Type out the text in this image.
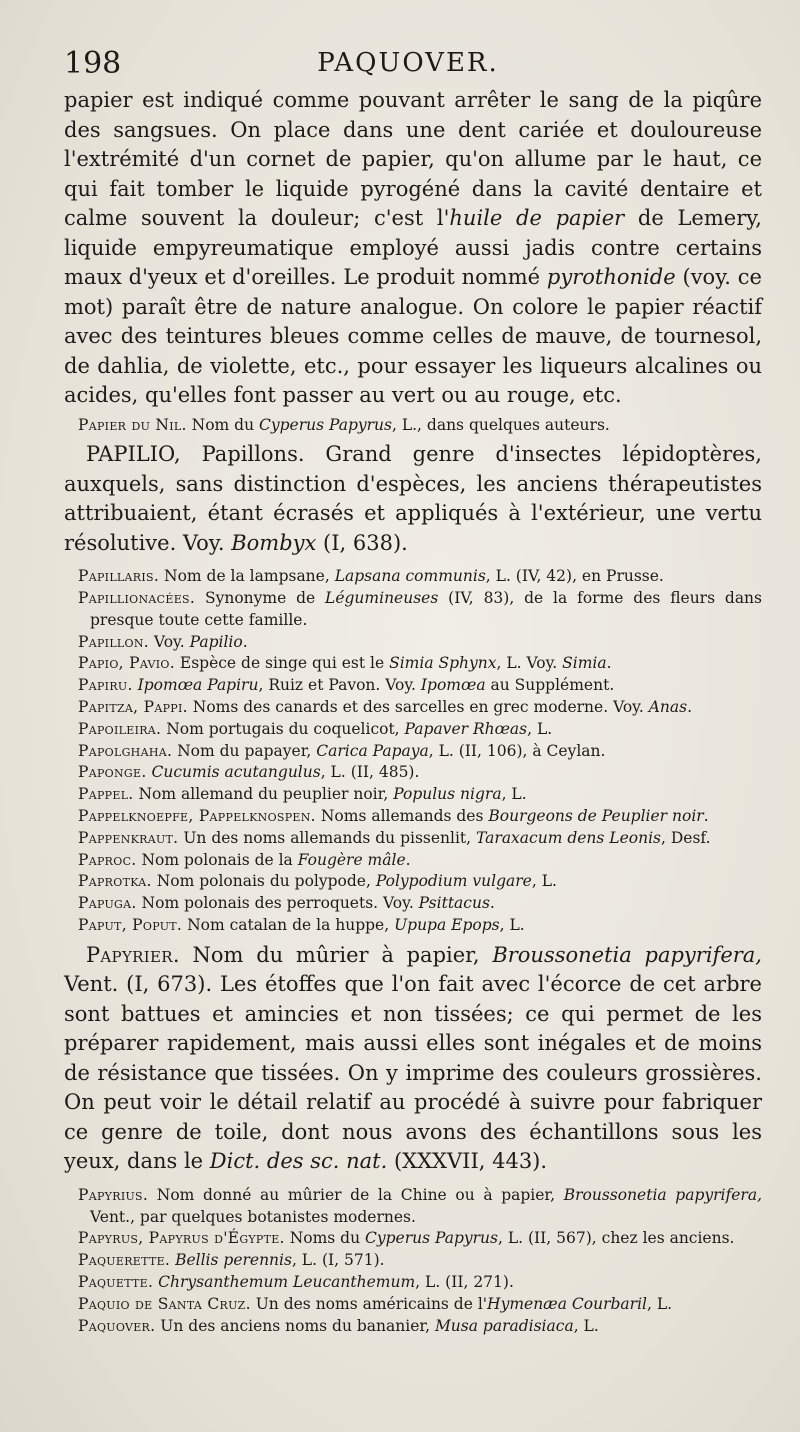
198	PAQUOVER.

papier est indiqué comme pouvant arrêter le sang de la piqûre des sangsues. On place dans une dent cariée et douloureuse l'extrémité d'un cornet de papier, qu'on allume par le haut, ce qui fait tomber le liquide pyrogéné dans la cavité dentaire et calme souvent la douleur; c'est l'huile de papier de Lemery, liquide empyreumatique employé aussi jadis contre certains maux d'yeux et d'oreilles. Le produit nommé pyrothonide (voy. ce mot) paraît être de nature analogue. On colore le papier réactif avec des teintures bleues comme celles de mauve, de tournesol, de dahlia, de violette, etc., pour essayer les liqueurs alcalines ou acides, qu'elles font passer au vert ou au rouge, etc.

Papier du Nil. Nom du Cyperus Papyrus, L., dans quelques auteurs.

PAPILIO, Papillons. Grand genre d'insectes lépidoptères, auxquels, sans distinction d'espèces, les anciens thérapeutistes attribuaient, étant écrasés et appliqués à l'extérieur, une vertu résolutive. Voy. Bombyx (I, 638).

Papillaris. Nom de la lampsane, Lapsana communis, L. (IV, 42), en Prusse.

Papillionacées. Synonyme de Légumineuses (IV, 83), de la forme des fleurs dans presque toute cette famille.

Papillon. Voy. Papilio.

Papio, Pavio. Espèce de singe qui est le Simia Sphynx, L. Voy. Simia.

Papiru. Ipomœa Papiru, Ruiz et Pavon. Voy. Ipomœa au Supplément.

Papitza, Pappi. Noms des canards et des sarcelles en grec moderne. Voy. Anas.

Papoileira. Nom portugais du coquelicot, Papaver Rhœas, L.

Papolghaha. Nom du papayer, Carica Papaya, L. (II, 106), à Ceylan.

Paponge. Cucumis acutangulus, L. (II, 485).

Pappel. Nom allemand du peuplier noir, Populus nigra, L.

Pappelknoepfe, Pappelknospen. Noms allemands des Bourgeons de Peuplier noir.

Pappenkraut. Un des noms allemands du pissenlit, Taraxacum dens Leonis, Desf.

Paproc. Nom polonais de la Fougère mâle.

Paprotka. Nom polonais du polypode, Polypodium vulgare, L.

Papuga. Nom polonais des perroquets. Voy. Psittacus.

Paput, Poput. Nom catalan de la huppe, Upupa Epops, L.

Papyrier. Nom du mûrier à papier, Broussonetia papyrifera, Vent. (I, 673). Les étoffes que l'on fait avec l'écorce de cet arbre sont battues et amincies et non tissées; ce qui permet de les préparer rapidement, mais aussi elles sont inégales et de moins de résistance que tissées. On y imprime des couleurs grossières. On peut voir le détail relatif au procédé à suivre pour fabriquer ce genre de toile, dont nous avons des échantillons sous les yeux, dans le Dict. des sc. nat. (XXXVII, 443).

Papyrius. Nom donné au mûrier de la Chine ou à papier, Broussonetia papyrifera, Vent., par quelques botanistes modernes.

Papyrus, Papyrus d'Égypte. Noms du Cyperus Papyrus, L. (II, 567), chez les anciens.

Paquerette. Bellis perennis, L. (I, 571).

Paquette. Chrysanthemum Leucanthemum, L. (II, 271).

Paquio de Santa Cruz. Un des noms américains de l'Hymenæa Courbaril, L.

Paquover. Un des anciens noms du bananier, Musa paradisiaca, L.
